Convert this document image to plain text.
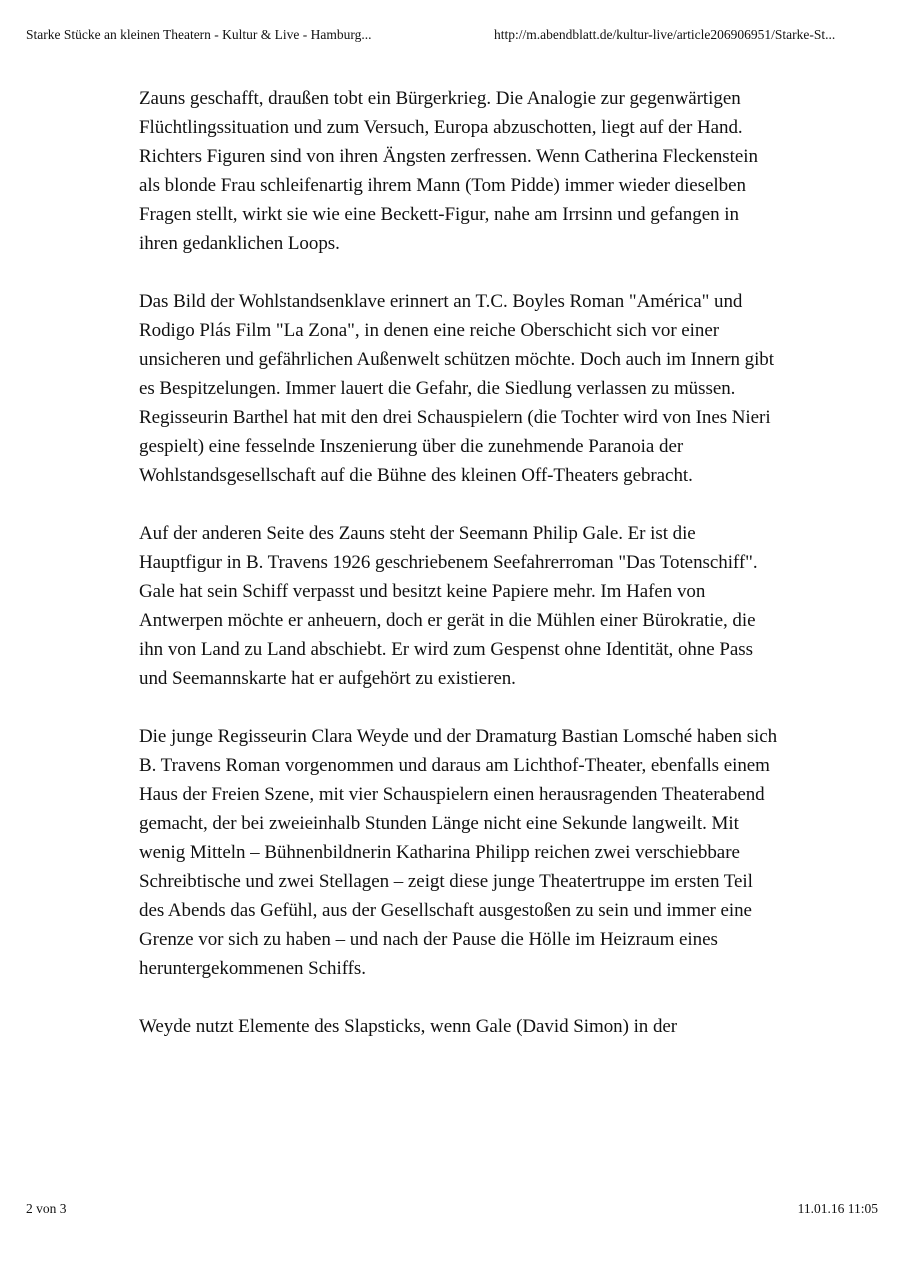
Starke Stücke an kleinen Theatern - Kultur & Live - Hamburg...	http://m.abendblatt.de/kultur-live/article206906951/Starke-St...

Zauns geschafft, draußen tobt ein Bürgerkrieg. Die Analogie zur gegenwärtigen Flüchtlingssituation und zum Versuch, Europa abzuschotten, liegt auf der Hand. Richters Figuren sind von ihren Ängsten zerfressen. Wenn Catherina Fleckenstein als blonde Frau schleifenartig ihrem Mann (Tom Pidde) immer wieder dieselben Fragen stellt, wirkt sie wie eine Beckett-Figur, nahe am Irrsinn und gefangen in ihren gedanklichen Loops.

Das Bild der Wohlstandsenklave erinnert an T.C. Boyles Roman "América" und Rodigo Plás Film "La Zona", in denen eine reiche Oberschicht sich vor einer unsicheren und gefährlichen Außenwelt schützen möchte. Doch auch im Innern gibt es Bespitzelungen. Immer lauert die Gefahr, die Siedlung verlassen zu müssen. Regisseurin Barthel hat mit den drei Schauspielern (die Tochter wird von Ines Nieri gespielt) eine fesselnde Inszenierung über die zunehmende Paranoia der Wohlstandsgesellschaft auf die Bühne des kleinen Off-Theaters gebracht.

Auf der anderen Seite des Zauns steht der Seemann Philip Gale. Er ist die Hauptfigur in B. Travens 1926 geschriebenem Seefahrerroman "Das Totenschiff". Gale hat sein Schiff verpasst und besitzt keine Papiere mehr. Im Hafen von Antwerpen möchte er anheuern, doch er gerät in die Mühlen einer Bürokratie, die ihn von Land zu Land abschiebt. Er wird zum Gespenst ohne Identität, ohne Pass und Seemannskarte hat er aufgehört zu existieren.

Die junge Regisseurin Clara Weyde und der Dramaturg Bastian Lomsché haben sich B. Travens Roman vorgenommen und daraus am Lichthof-Theater, ebenfalls einem Haus der Freien Szene, mit vier Schauspielern einen herausragenden Theaterabend gemacht, der bei zweieinhalb Stunden Länge nicht eine Sekunde langweilt. Mit wenig Mitteln – Bühnenbildnerin Katharina Philipp reichen zwei verschiebbare Schreibtische und zwei Stellagen – zeigt diese junge Theatertruppe im ersten Teil des Abends das Gefühl, aus der Gesellschaft ausgestoßen zu sein und immer eine Grenze vor sich zu haben – und nach der Pause die Hölle im Heizraum eines heruntergekommenen Schiffs.

Weyde nutzt Elemente des Slapsticks, wenn Gale (David Simon) in der

2 von 3	11.01.16 11:05
